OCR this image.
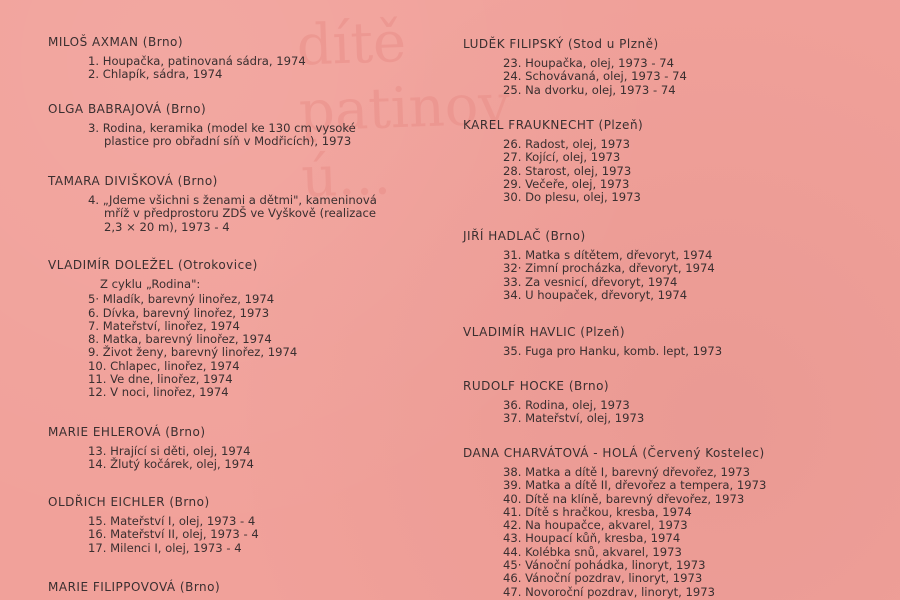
dítě
patinov
ú...
MILOŠ AXMAN (Brno)
1. Houpačka, patinovaná sádra, 1974
2. Chlapík, sádra, 1974
OLGA BABRAJOVÁ (Brno)
3. Rodina, keramika (model ke 130 cm vysoké
plastice pro obřadní síň v Modřicích), 1973
TAMARA DIVIŠKOVÁ (Brno)
4. „Jdeme všichni s ženami a dětmi", kameninová
mříž v předprostoru ZDŠ ve Vyškově (realizace
2,3 ⨯ 20 m), 1973 - 4
VLADIMÍR DOLEŽEL (Otrokovice)
Z cyklu „Rodina":
5· Mladík, barevný linořez, 1974
6. Dívka, barevný linořez, 1973
7. Mateřství, linořez, 1974
8. Matka, barevný linořez, 1974
9. Život ženy, barevný linořez, 1974
10. Chlapec, linořez, 1974
11. Ve dne, linořez, 1974
12. V noci, linořez, 1974
MARIE EHLEROVÁ (Brno)
13. Hrající si děti, olej, 1974
14. Žlutý kočárek, olej, 1974
OLDŘICH EICHLER (Brno)
15. Mateřství I, olej, 1973 - 4
16. Mateřství II, olej, 1973 - 4
17. Milenci I, olej, 1973 - 4
MARIE FILIPPOVOVÁ (Brno)
LUDĚK FILIPSKÝ (Stod u Plzně)
23. Houpačka, olej, 1973 - 74
24. Schovávaná, olej, 1973 - 74
25. Na dvorku, olej, 1973 - 74
KAREL FRAUKNECHT (Plzeň)
26. Radost, olej, 1973
27. Kojící, olej, 1973
28. Starost, olej, 1973
29. Večeře, olej, 1973
30. Do plesu, olej, 1973
JIŘÍ HADLAČ (Brno)
31. Matka s dítětem, dřevoryt, 1974
32· Zimní procházka, dřevoryt, 1974
33. Za vesnicí, dřevoryt, 1974
34. U houpaček, dřevoryt, 1974
VLADIMÍR HAVLIC (Plzeň)
35. Fuga pro Hanku, komb. lept, 1973
RUDOLF HOCKE (Brno)
36. Rodina, olej, 1973
37. Mateřství, olej, 1973
DANA CHARVÁTOVÁ - HOLÁ (Červený Kostelec)
38. Matka a dítě I, barevný dřevořez, 1973
39. Matka a dítě II, dřevořez a tempera, 1973
40. Dítě na klíně, barevný dřevořez, 1973
41. Dítě s hračkou, kresba, 1974
42. Na houpačce, akvarel, 1973
43. Houpací kůň, kresba, 1974
44. Kolébka snů, akvarel, 1973
45· Vánoční pohádka, linoryt, 1973
46. Vánoční pozdrav, linoryt, 1973
47. Novoroční pozdrav, linoryt, 1973
